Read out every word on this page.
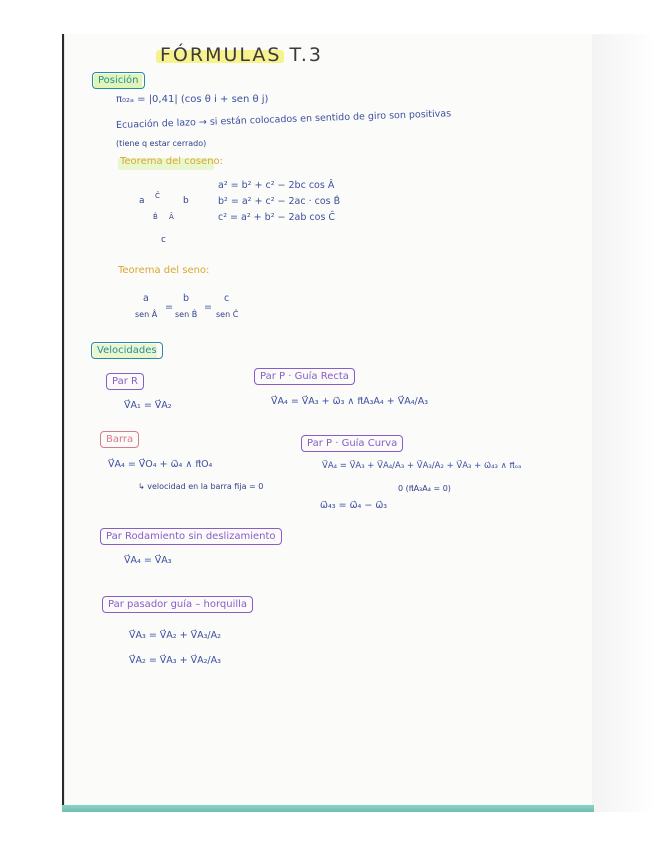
FÓRMULAS T.3
Posición
π₀₂ₐ = |0,41| (cos θ i + sen θ j)
Ecuación de lazo → si están colocados en sentido de giro son positivas
(tiene q estar cerrado)
Teorema del coseno:
a	b
c
Ĉ
B̂ Â
a² = b² + c² − 2bc cos Â
b² = a² + c² − 2ac · cos B̂
c² = a² + b² − 2ab cos Ĉ
Teorema del seno:
a
sen Â
=
b
sen B̂
=
c
sen Ĉ
Velocidades
Par R
V⃗A₁ = V⃗A₂
Par P · Guía Recta
V⃗A₄ = V⃗A₃ + ω⃗₃ ∧ π⃗A₃A₄ + V⃗A₄/A₃
Barra
V⃗A₄ = V⃗O₄ + ω⃗₄ ∧ π⃗O₄
↳ velocidad en la barra fija = 0
Par P · Guía Curva
V⃗A₄ = V⃗A₃ + V⃗A₄/A₃ + V⃗A₃/A₂ + V⃗A₃ + ω⃗₄₃ ∧ π⃗ₒₐ
0 (π⃗A₃A₄ = 0)
ω⃗₄₃ = ω⃗₄ − ω⃗₃
Par Rodamiento sin deslizamiento
V⃗A₄ = V⃗A₃
Par pasador guía – horquilla
V⃗A₃ = V⃗A₂ + V⃗A₃/A₂
V⃗A₂ = V⃗A₃ + V⃗A₂/A₃
